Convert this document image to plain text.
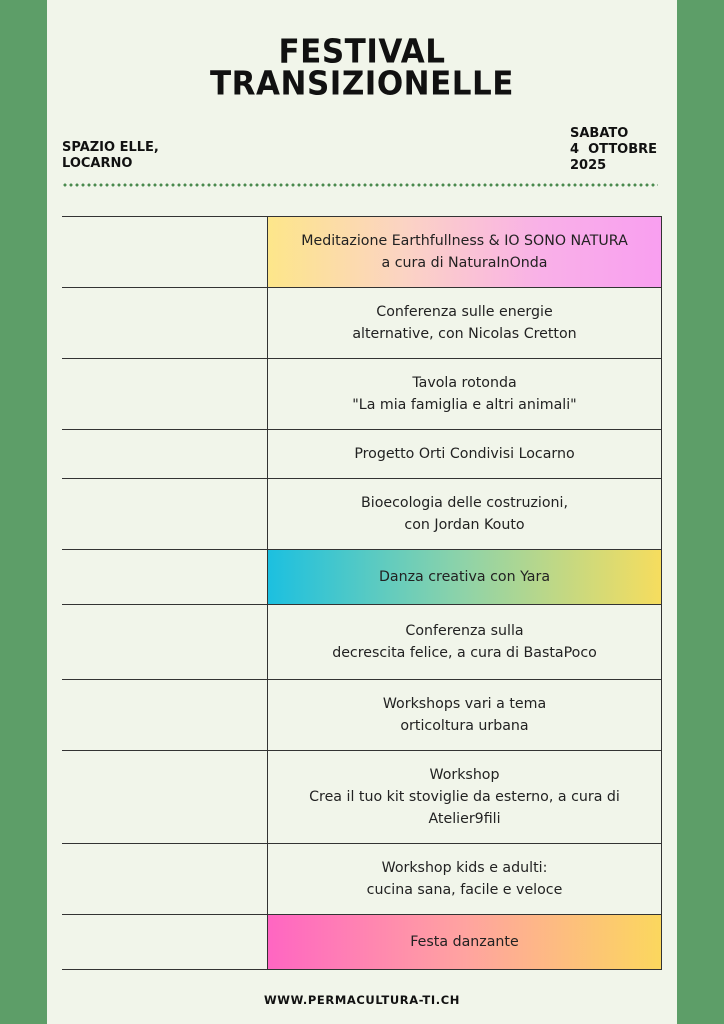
FESTIVAL
TRANSIZIONELLE
SPAZIO ELLE,
LOCARNO
SABATO
4  OTTOBRE
2025
Meditazione Earthfullness & IO SONO NATURA
a cura di NaturaInOnda
Conferenza sulle energie
alternative, con Nicolas Cretton
Tavola rotonda
"La mia famiglia e altri animali"
Progetto Orti Condivisi Locarno
Bioecologia delle costruzioni,
con Jordan Kouto
Danza creativa con Yara
Conferenza sulla
decrescita felice, a cura di BastaPoco
Workshops vari a tema
orticoltura urbana
Workshop
Crea il tuo kit stoviglie da esterno, a cura di
Atelier9fili
Workshop kids e adulti:
cucina sana, facile e veloce
Festa danzante
WWW.PERMACULTURA-TI.CH
